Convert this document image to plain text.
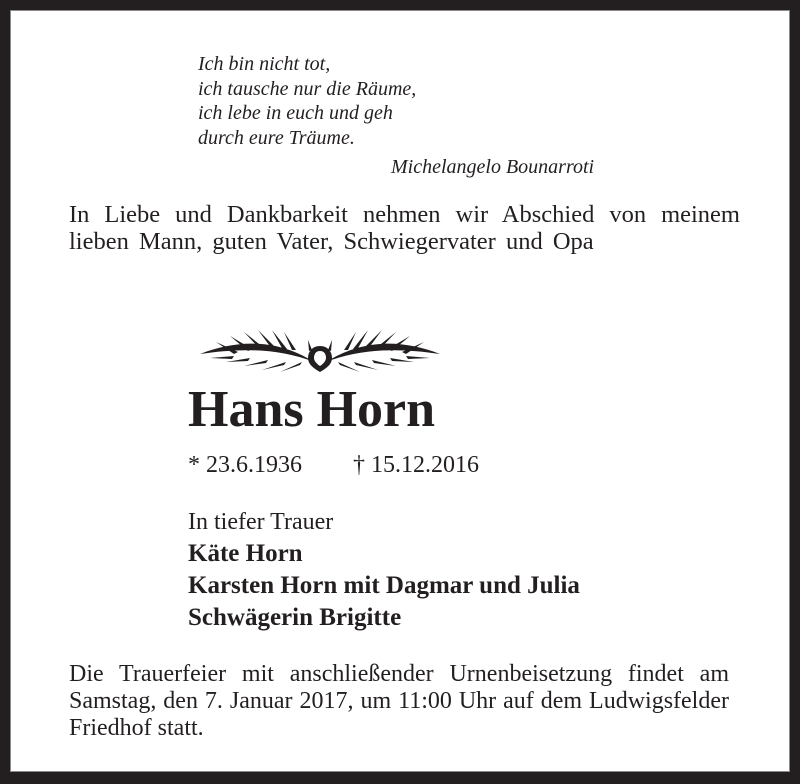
Ich bin nicht tot,
ich tausche nur die Räume,
ich lebe in euch und geh
durch eure Träume.
Michelangelo Bounarroti
In Liebe und Dankbarkeit nehmen wir Abschied von meinem lieben Mann, guten Vater, Schwiegervater und Opa
Hans Horn
* 23.6.1936 † 15.12.2016
In tiefer Trauer
Käte Horn
Karsten Horn mit Dagmar und Julia
Schwägerin Brigitte
Die Trauerfeier mit anschließender Urnenbeisetzung findet am Samstag, den 7. Januar 2017, um 11:00 Uhr auf dem Ludwigsfelder Friedhof statt.
